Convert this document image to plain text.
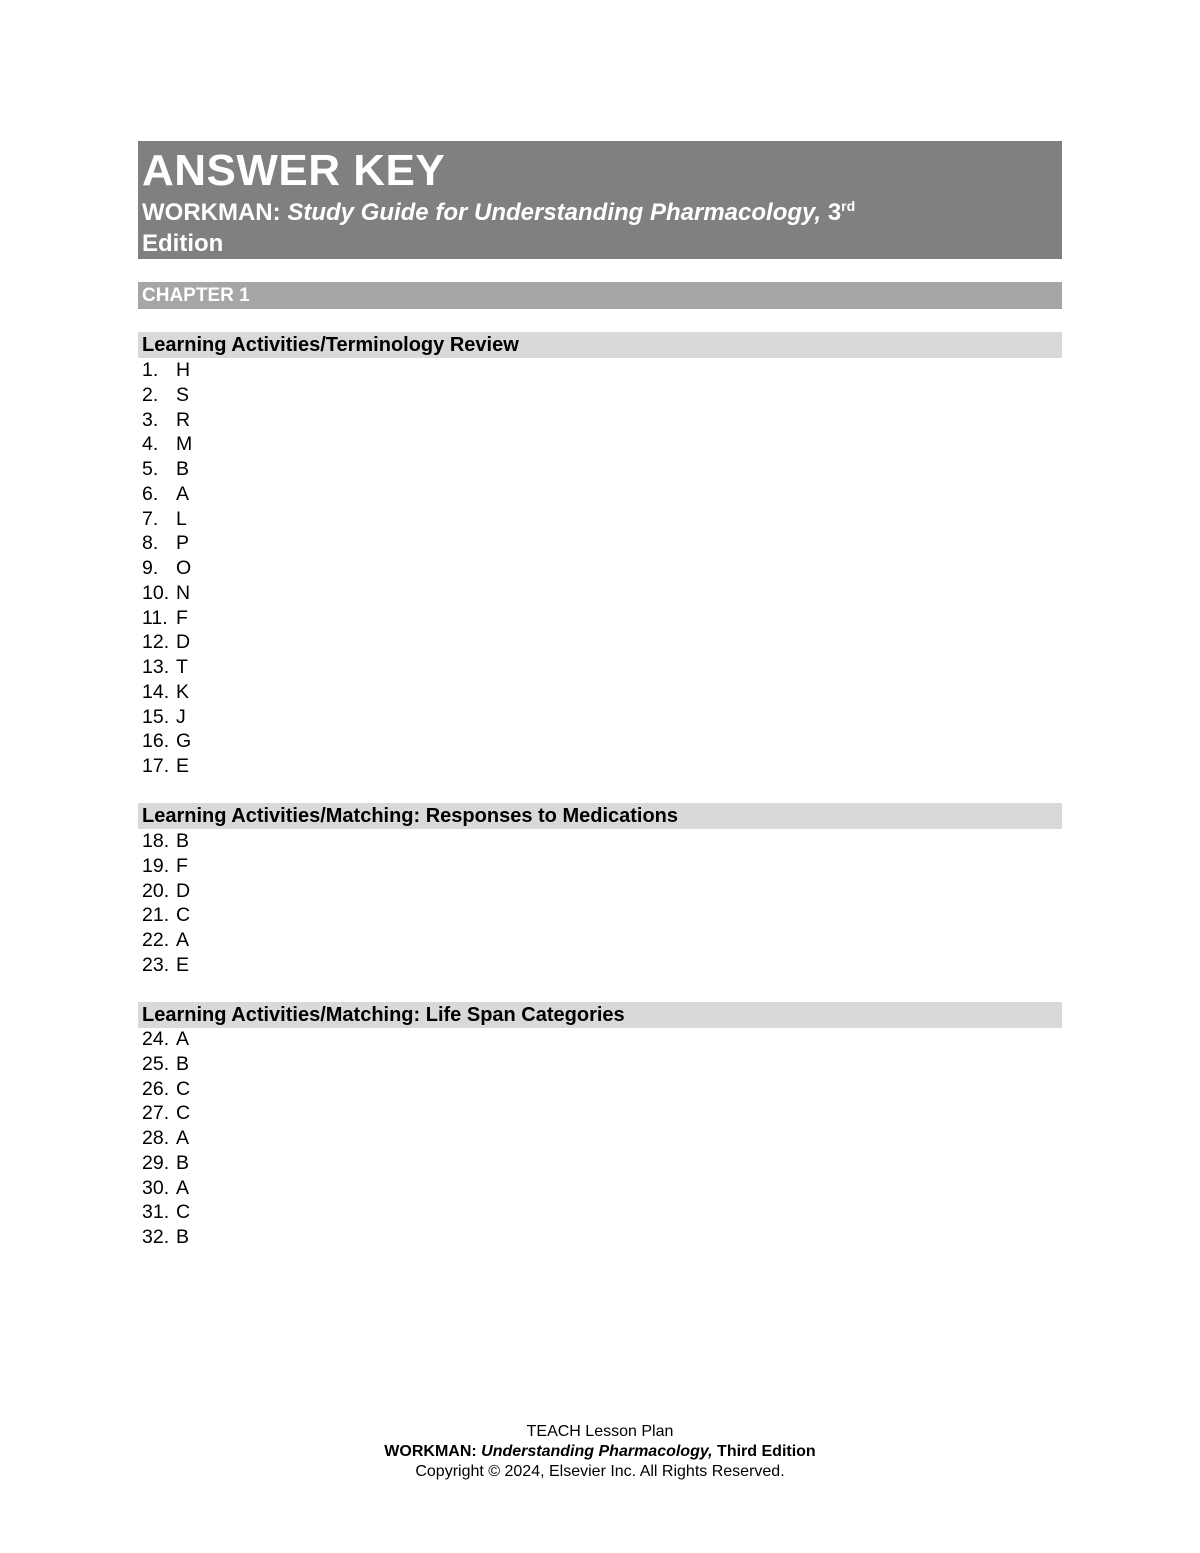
ANSWER KEY
WORKMAN: Study Guide for Understanding Pharmacology, 3rd
Edition
CHAPTER 1
Learning Activities/Terminology Review
1. H
2. S
3. R
4. M
5. B
6. A
7. L
8. P
9. O
10. N
11. F
12. D
13. T
14. K
15. J
16. G
17. E
Learning Activities/Matching: Responses to Medications
18. B
19. F
20. D
21. C
22. A
23. E
Learning Activities/Matching: Life Span Categories
24. A
25. B
26. C
27. C
28. A
29. B
30. A
31. C
32. B
TEACH Lesson Plan
WORKMAN: Understanding Pharmacology, Third Edition
Copyright © 2024, Elsevier Inc. All Rights Reserved.
